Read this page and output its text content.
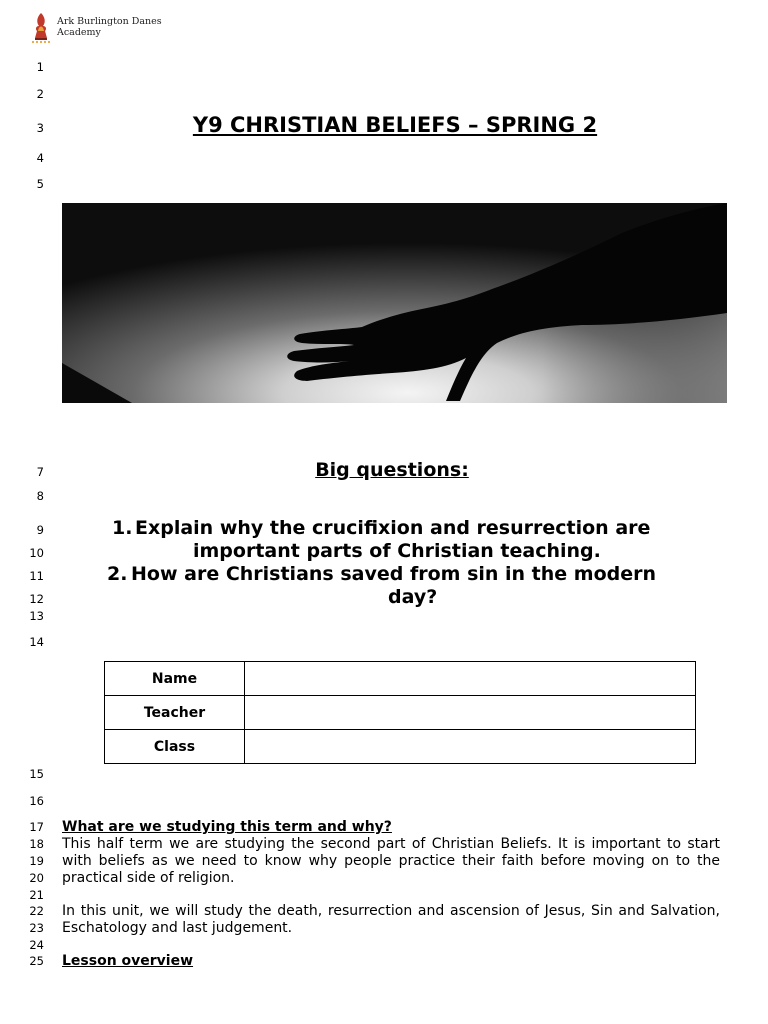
Ark Burlington Danes
Academy
1
2
3
4
5
7
8
9
10
11
12
13
14
15
16
17
18
19
20
21
22
23
24
25
Y9 CHRISTIAN BELIEFS – SPRING 2
Big questions:
1. Explain why the crucifixion and resurrection are
important parts of Christian teaching.
2. How are Christians saved from sin in the modern
day?
Name	
Teacher	
Class	
What are we studying this term and why?
This half term we are studying the second part of Christian Beliefs. It is important to start with beliefs as we need to know why people practice their faith before moving on to the practical side of religion.
In this unit, we will study the death, resurrection and ascension of Jesus, Sin and Salvation, Eschatology and last judgement.
Lesson overview
